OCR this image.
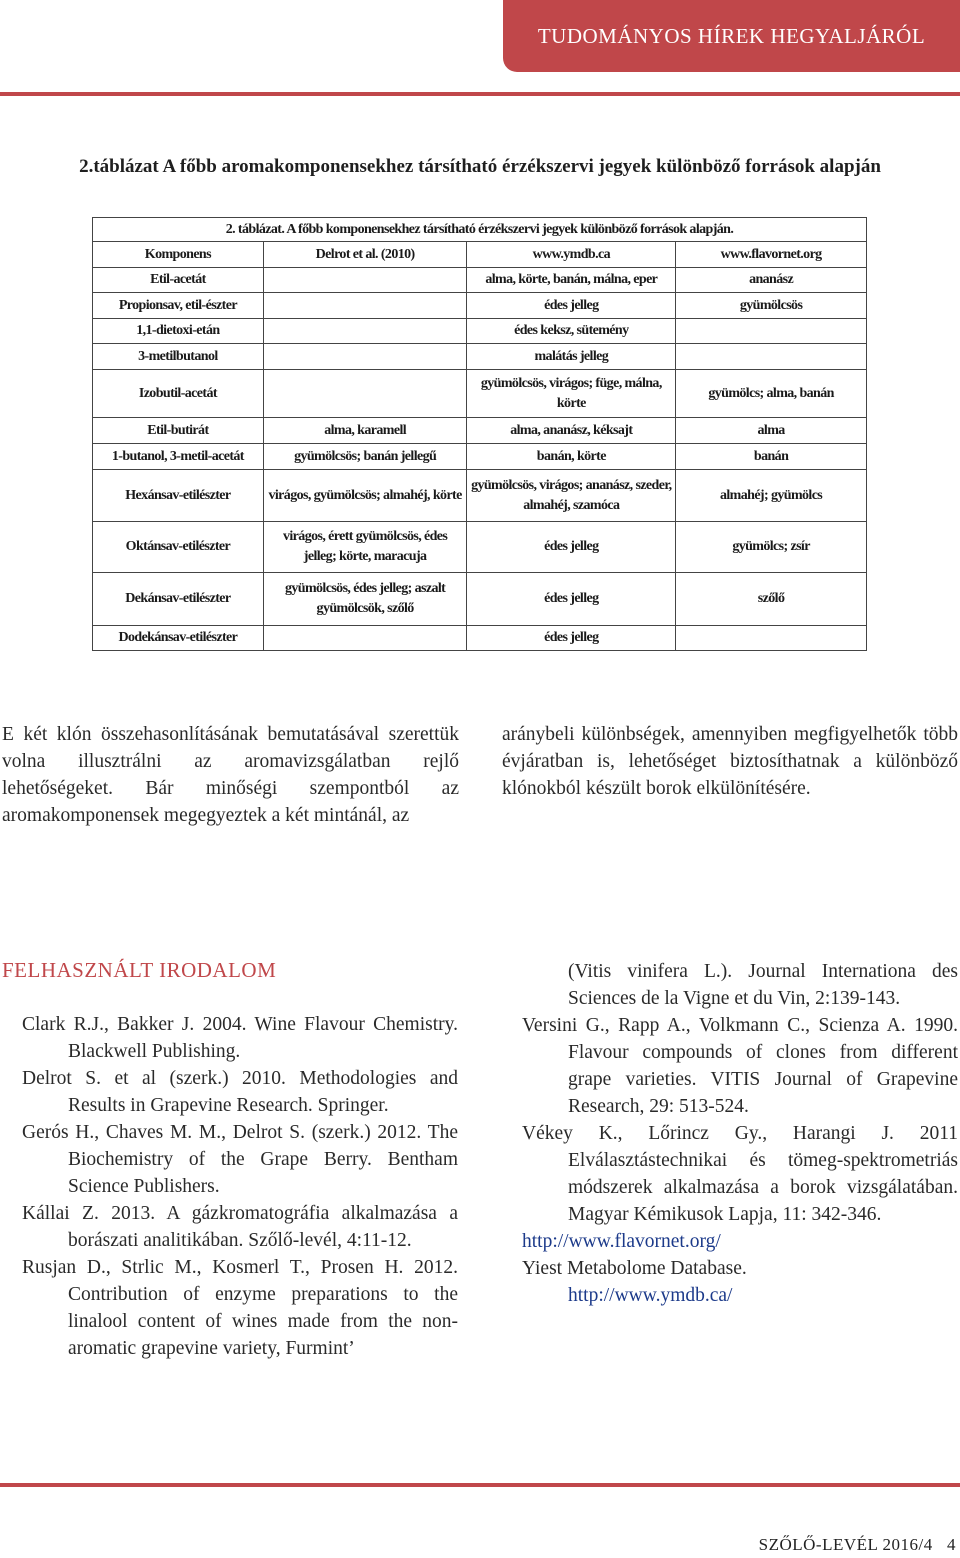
TUDOMÁNYOS HÍREK HEGYALJÁRÓL
2.táblázat A főbb aromakomponensekhez társítható érzékszervi jegyek különböző források alapján
2. táblázat. A főbb komponensekhez társítható érzékszervi jegyek különböző források alapján.			
Komponens	Delrot et al. (2010)	www.ymdb.ca	www.flavornet.org
Etil-acetát		alma, körte, banán, málna, eper	ananász
Propionsav, etil-észter		édes jelleg	gyümölcsös
1,1-dietoxi-etán		édes keksz, sütemény	
3-metilbutanol		malátás jelleg	
Izobutil-acetát		gyümölcsös, virágos; füge, málna, körte	gyümölcs; alma, banán
Etil-butirát	alma, karamell	alma, ananász, kéksajt	alma
1-butanol, 3-metil-acetát	gyümölcsös; banán jellegű	banán, körte	banán
Hexánsav-etilészter	virágos, gyümölcsös; almahéj, körte	gyümölcsös, virágos; ananász, szeder, almahéj, szamóca	almahéj; gyümölcs
Oktánsav-etilészter	virágos, érett gyümölcsös, édes jelleg; körte, maracuja	édes jelleg	gyümölcs; zsír
Dekánsav-etilészter	gyümölcsös, édes jelleg; aszalt gyümölcsök, szőlő	édes jelleg	szőlő
Dodekánsav-etilészter		édes jelleg	

E két klón összehasonlításának bemutatásával szerettük volna illusztrálni az aromavizsgálatban rejlő lehetőségeket. Bár minőségi szempontból az aromakomponensek megegyeztek a két mintánál, az

aránybeli különbségek, amennyiben megfigyelhetők több évjáratban is, lehetőséget biztosíthatnak a különböző klónokból készült borok elkülönítésére.

FELHASZNÁLT IRODALOM

Clark R.J., Bakker J. 2004. Wine Flavour Chemistry. Blackwell Publishing.

Delrot S. et al (szerk.) 2010. Methodologies and Results in Grapevine Research. Springer.

Gerós H., Chaves M. M., Delrot S. (szerk.) 2012. The Biochemistry of the Grape Berry. Bentham Science Publishers.

Kállai Z. 2013. A gázkromatográfia alkalmazása a borászati analitikában. Szőlő-levél, 4:11-12.

Rusjan D., Strlic M., Kosmerl T., Prosen H. 2012. Contribution of enzyme preparations to the linalool content of wines made from the non-aromatic grapevine variety, Furmint’

(Vitis vinifera L.). Journal Internationa des Sciences de la Vigne et du Vin, 2:139-143.

Versini G., Rapp A., Volkmann C., Scienza A. 1990. Flavour compounds of clones from different grape varieties. VITIS Journal of Grapevine Research, 29: 513-524.

Vékey K., Lőrincz Gy., Harangi J. 2011 Elválasztástechnikai és tömeg-spektrometriás módszerek alkalmazása a borok vizsgálatában. Magyar Kémikusok Lapja, 11: 342-346.

http://www.flavornet.org/

Yiest Metabolome Database.

http://www.ymdb.ca/

SZŐLŐ-LEVÉL 2016/4 4
